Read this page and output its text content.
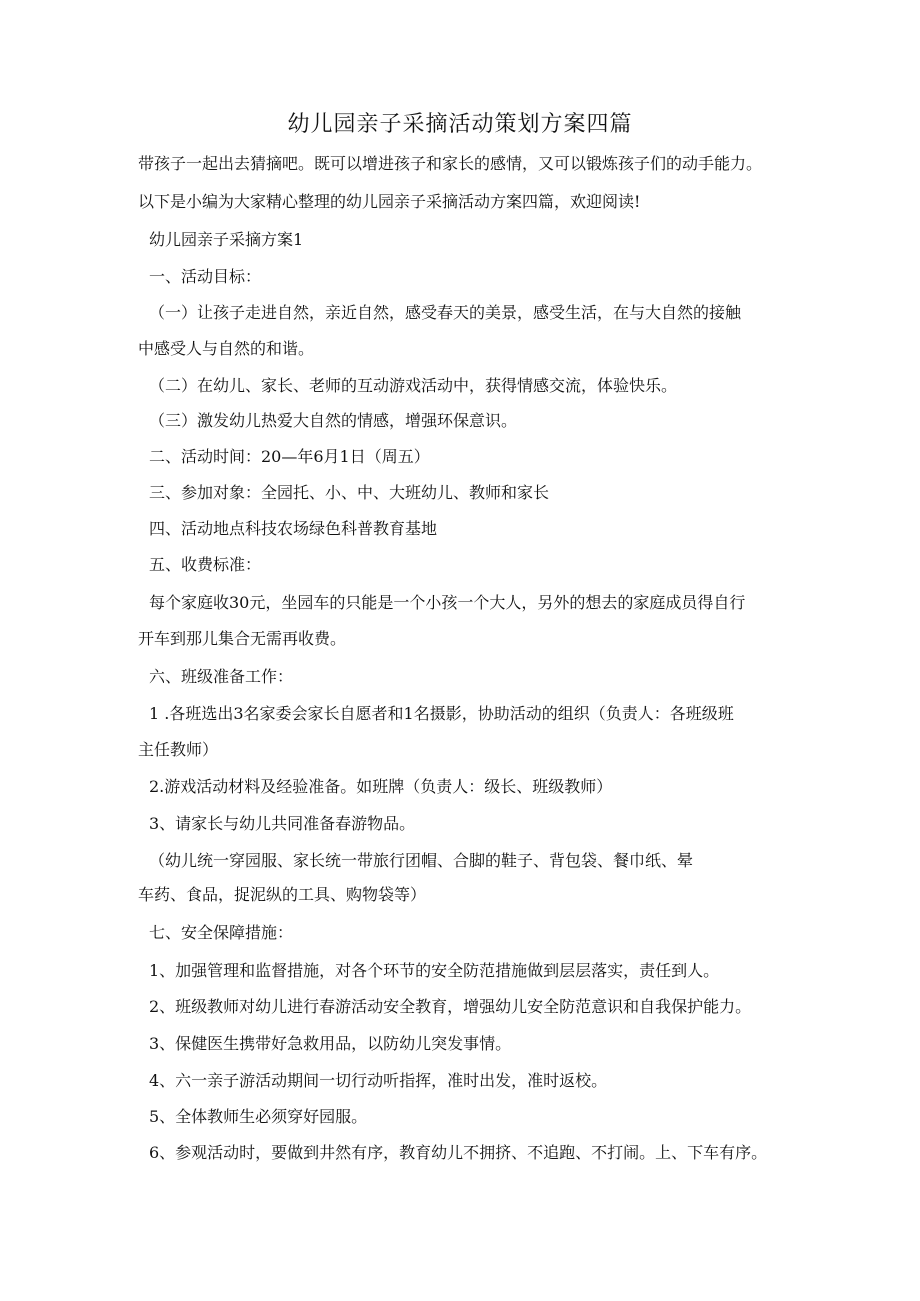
幼儿园亲子采摘活动策划方案四篇
带孩子一起出去猜摘吧。既可以增进孩子和家长的感情，又可以锻炼孩子们的动手能力。
以下是小编为大家精心整理的幼儿园亲子采摘活动方案四篇，欢迎阅读!
幼儿园亲子采摘方案1
一、活动目标：
（一）让孩子走进自然，亲近自然，感受春天的美景，感受生活，在与大自然的接触
中感受人与自然的和谐。
（二）在幼儿、家长、老师的互动游戏活动中，获得情感交流，体验快乐。
（三）激发幼儿热爱大自然的情感，增强环保意识。
二、活动时间：20—年6月1日（周五）
三、参加对象：全园托、小、中、大班幼儿、教师和家长
四、活动地点科技农场绿色科普教育基地
五、收费标准：
每个家庭收30元，坐园车的只能是一个小孩一个大人，另外的想去的家庭成员得自行
开车到那儿集合无需再收费。
六、班级准备工作：
1 .各班选出3名家委会家长自愿者和1名摄影，协助活动的组织（负责人：各班级班
主任教师）
2.游戏活动材料及经验准备。如班牌（负责人：级长、班级教师）
3、请家长与幼儿共同准备春游物品。
（幼儿统一穿园服、家长统一带旅行团帽、合脚的鞋子、背包袋、餐巾纸、晕
车药、食品，捉泥纵的工具、购物袋等）
七、安全保障措施：
1、加强管理和监督措施，对各个环节的安全防范措施做到层层落实，责任到人。
2、班级教师对幼儿进行春游活动安全教育，增强幼儿安全防范意识和自我保护能力。
3、保健医生携带好急救用品，以防幼儿突发事情。
4、六一亲子游活动期间一切行动听指挥，准时出发，准时返校。
5、全体教师生必须穿好园服。
6、参观活动时，要做到井然有序，教育幼儿不拥挤、不追跑、不打闹。上、下车有序。
